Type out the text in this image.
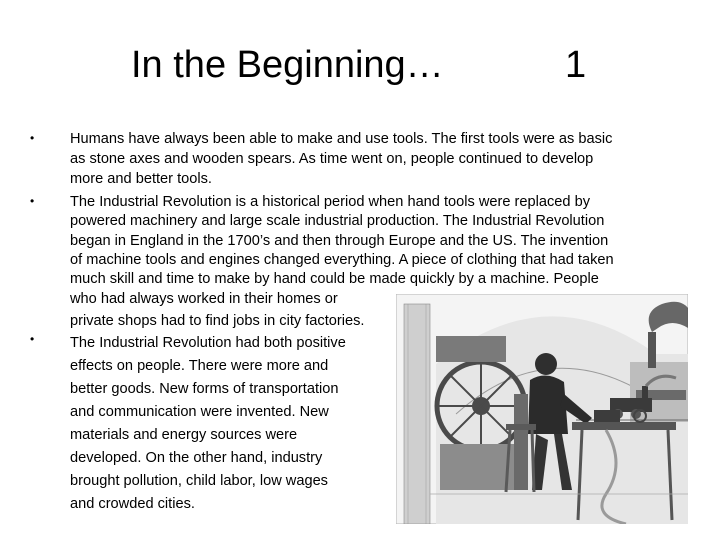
In the Beginning…	1
•
•
•
Humans have always been able to make and use tools. The first tools were as basic
as stone axes and wooden spears. As time went on, people continued to develop
more and better tools.
The Industrial Revolution is a historical period when hand tools were replaced by
powered machinery and large scale industrial production. The Industrial Revolution
began in England in the 1700’s and then through Europe and the US. The invention
of machine tools and engines changed everything. A piece of clothing that had taken
much skill and time to make by hand could be made quickly by a machine. People
who had always worked in their homes or
private shops had to find jobs in city factories.
The Industrial Revolution had both positive
effects on people. There were more and
better goods. New forms of transportation
and communication were invented. New
materials and energy sources were
developed. On the other hand, industry
brought pollution, child labor, low wages
and crowded cities.
